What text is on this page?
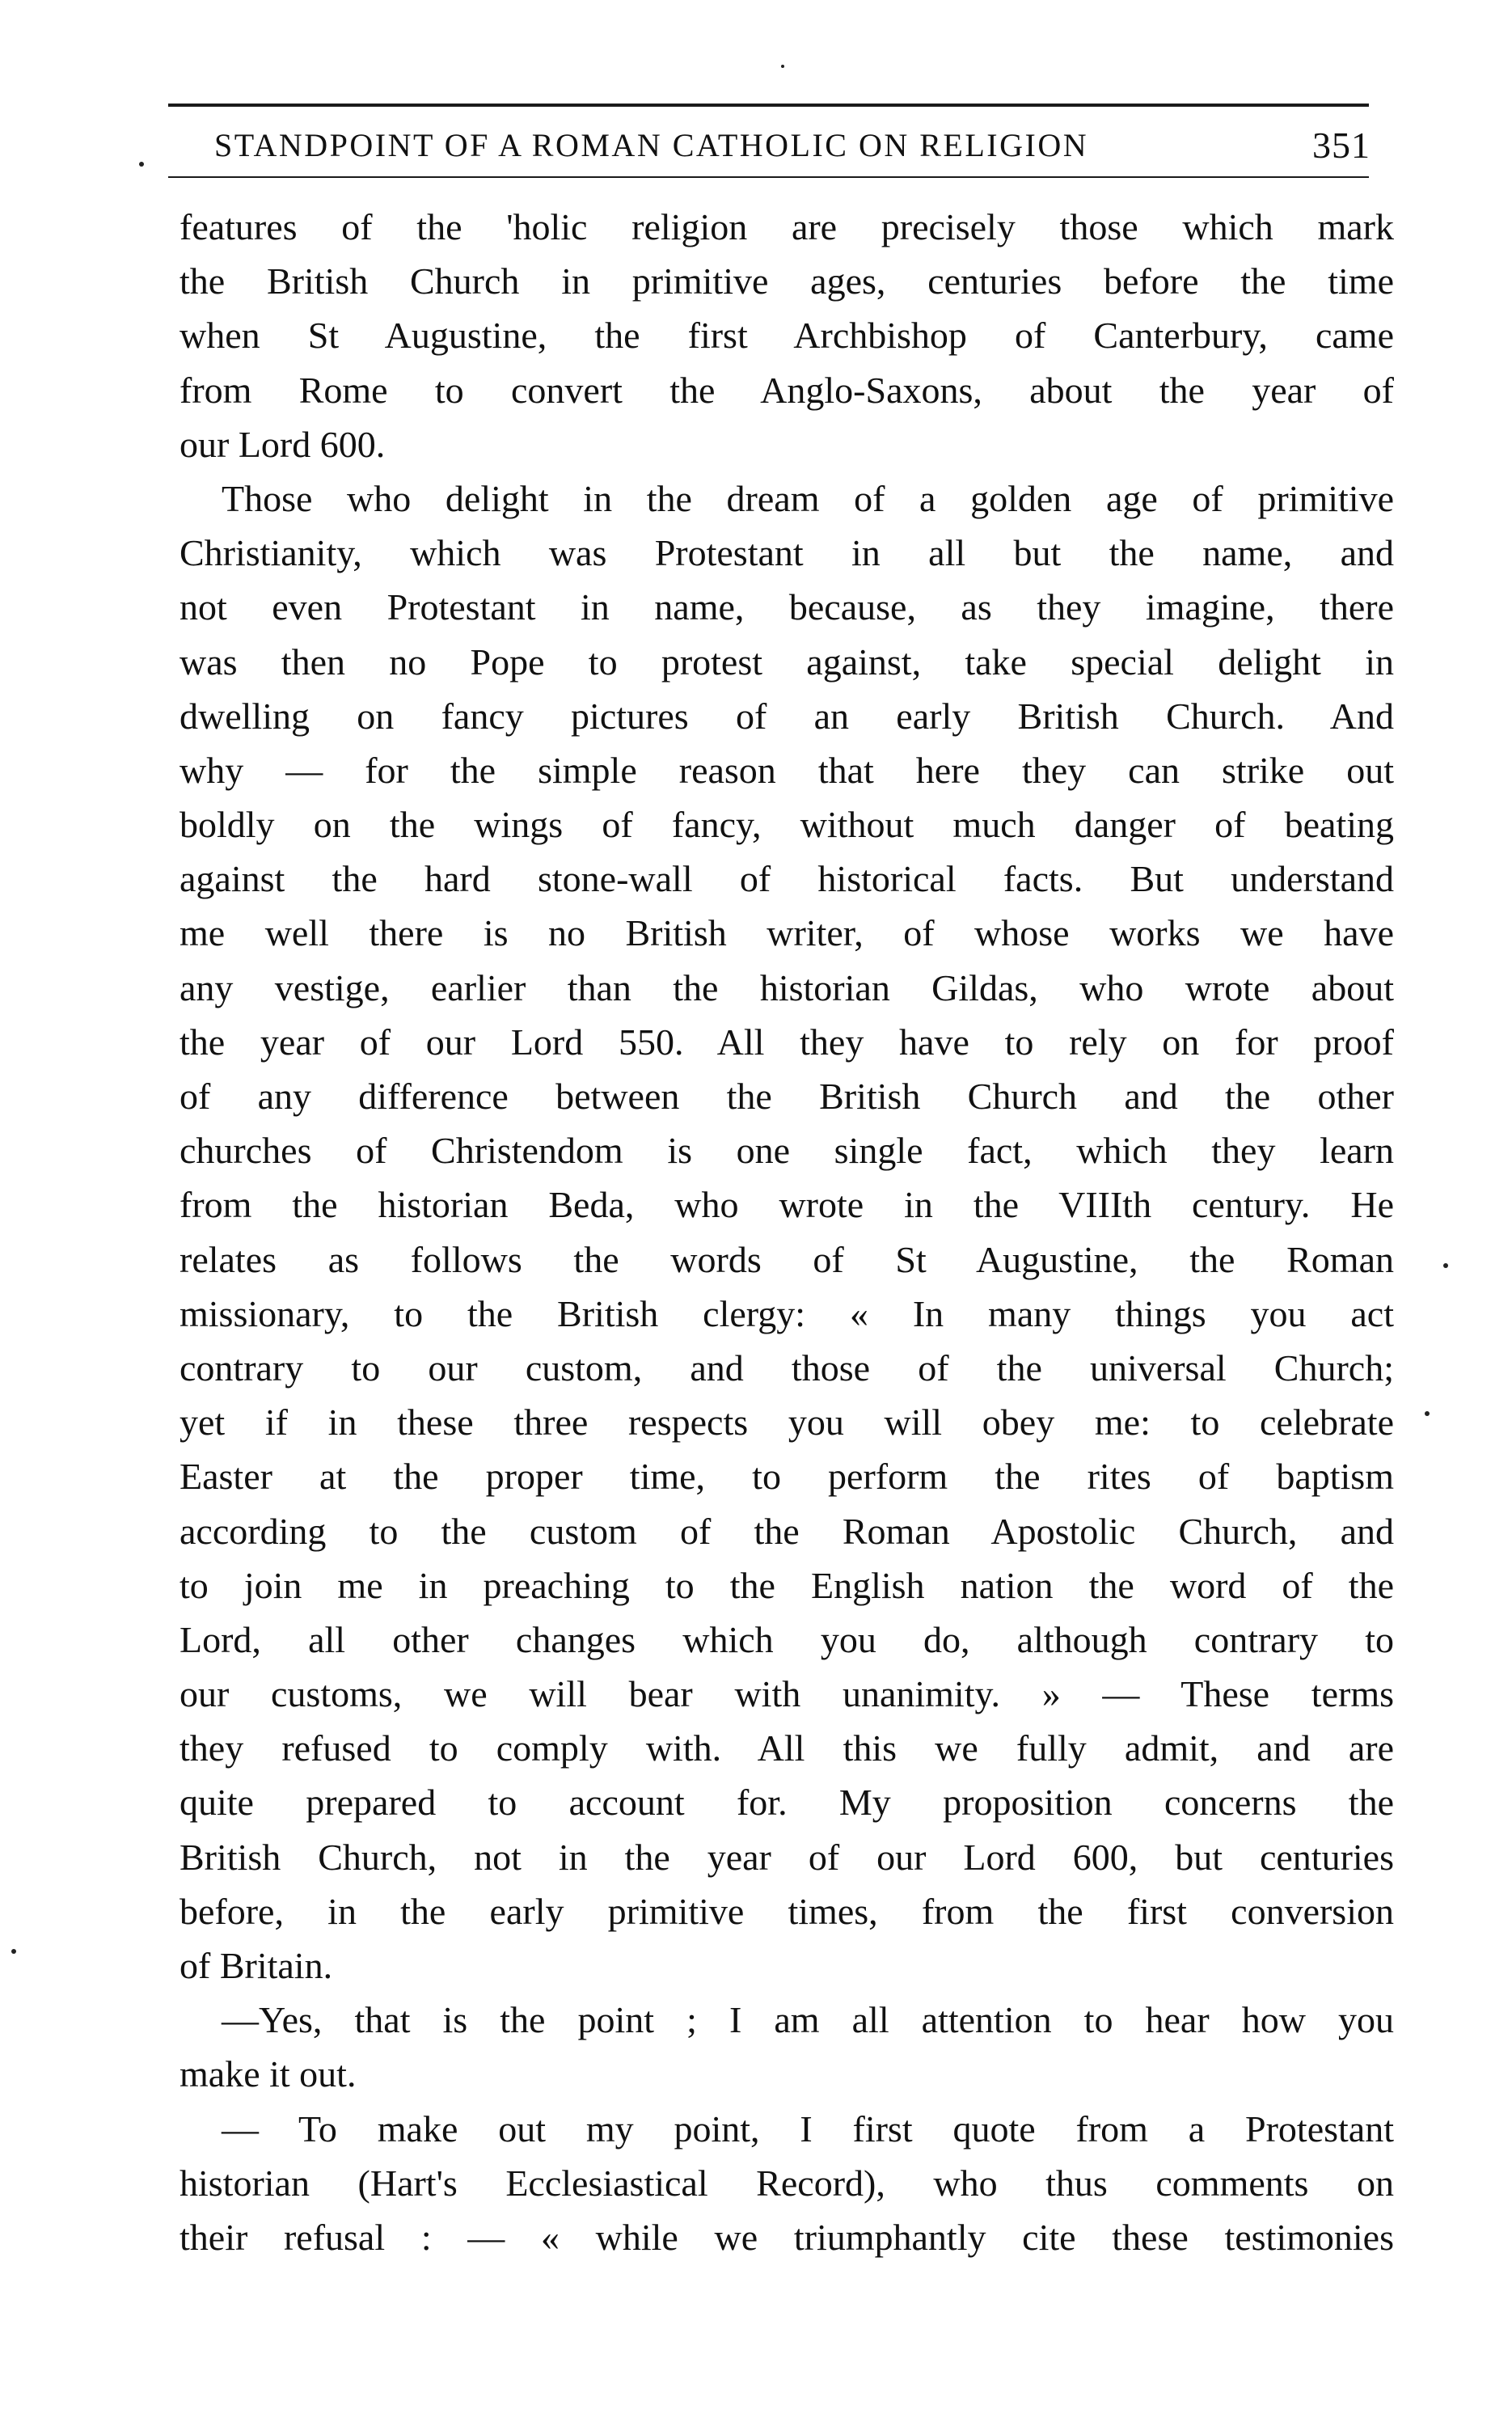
STANDPOINT OF A ROMAN CATHOLIC ON RELIGION	351
features of the 'holic religion are precisely those which mark
the British Church in primitive ages, centuries before the time
when St Augustine, the first Archbishop of Canterbury, came
from Rome to convert the Anglo-Saxons, about the year of
our Lord 600.
Those who delight in the dream of a golden age of primitive
Christianity, which was Protestant in all but the name, and
not even Protestant in name, because, as they imagine, there
was then no Pope to protest against, take special delight in
dwelling on fancy pictures of an early British Church. And
why — for the simple reason that here they can strike out
boldly on the wings of fancy, without much danger of beating
against the hard stone-wall of historical facts. But understand
me well there is no British writer, of whose works we have
any vestige, earlier than the historian Gildas, who wrote about
the year of our Lord 550. All they have to rely on for proof
of any difference between the British Church and the other
churches of Christendom is one single fact, which they learn
from the historian Beda, who wrote in the VIIIth century. He
relates as follows the words of St Augustine, the Roman
missionary, to the British clergy: « In many things you act
contrary to our custom, and those of the universal Church;
yet if in these three respects you will obey me: to celebrate
Easter at the proper time, to perform the rites of baptism
according to the custom of the Roman Apostolic Church, and
to join me in preaching to the English nation the word of the
Lord, all other changes which you do, although contrary to
our customs, we will bear with unanimity. » — These terms
they refused to comply with. All this we fully admit, and are
quite prepared to account for. My proposition concerns the
British Church, not in the year of our Lord 600, but centuries
before, in the early primitive times, from the first conversion
of Britain.
—Yes, that is the point ; I am all attention to hear how you
make it out.
— To make out my point, I first quote from a Protestant
historian (Hart's Ecclesiastical Record), who thus comments on
their refusal : — « while we triumphantly cite these testimonies
